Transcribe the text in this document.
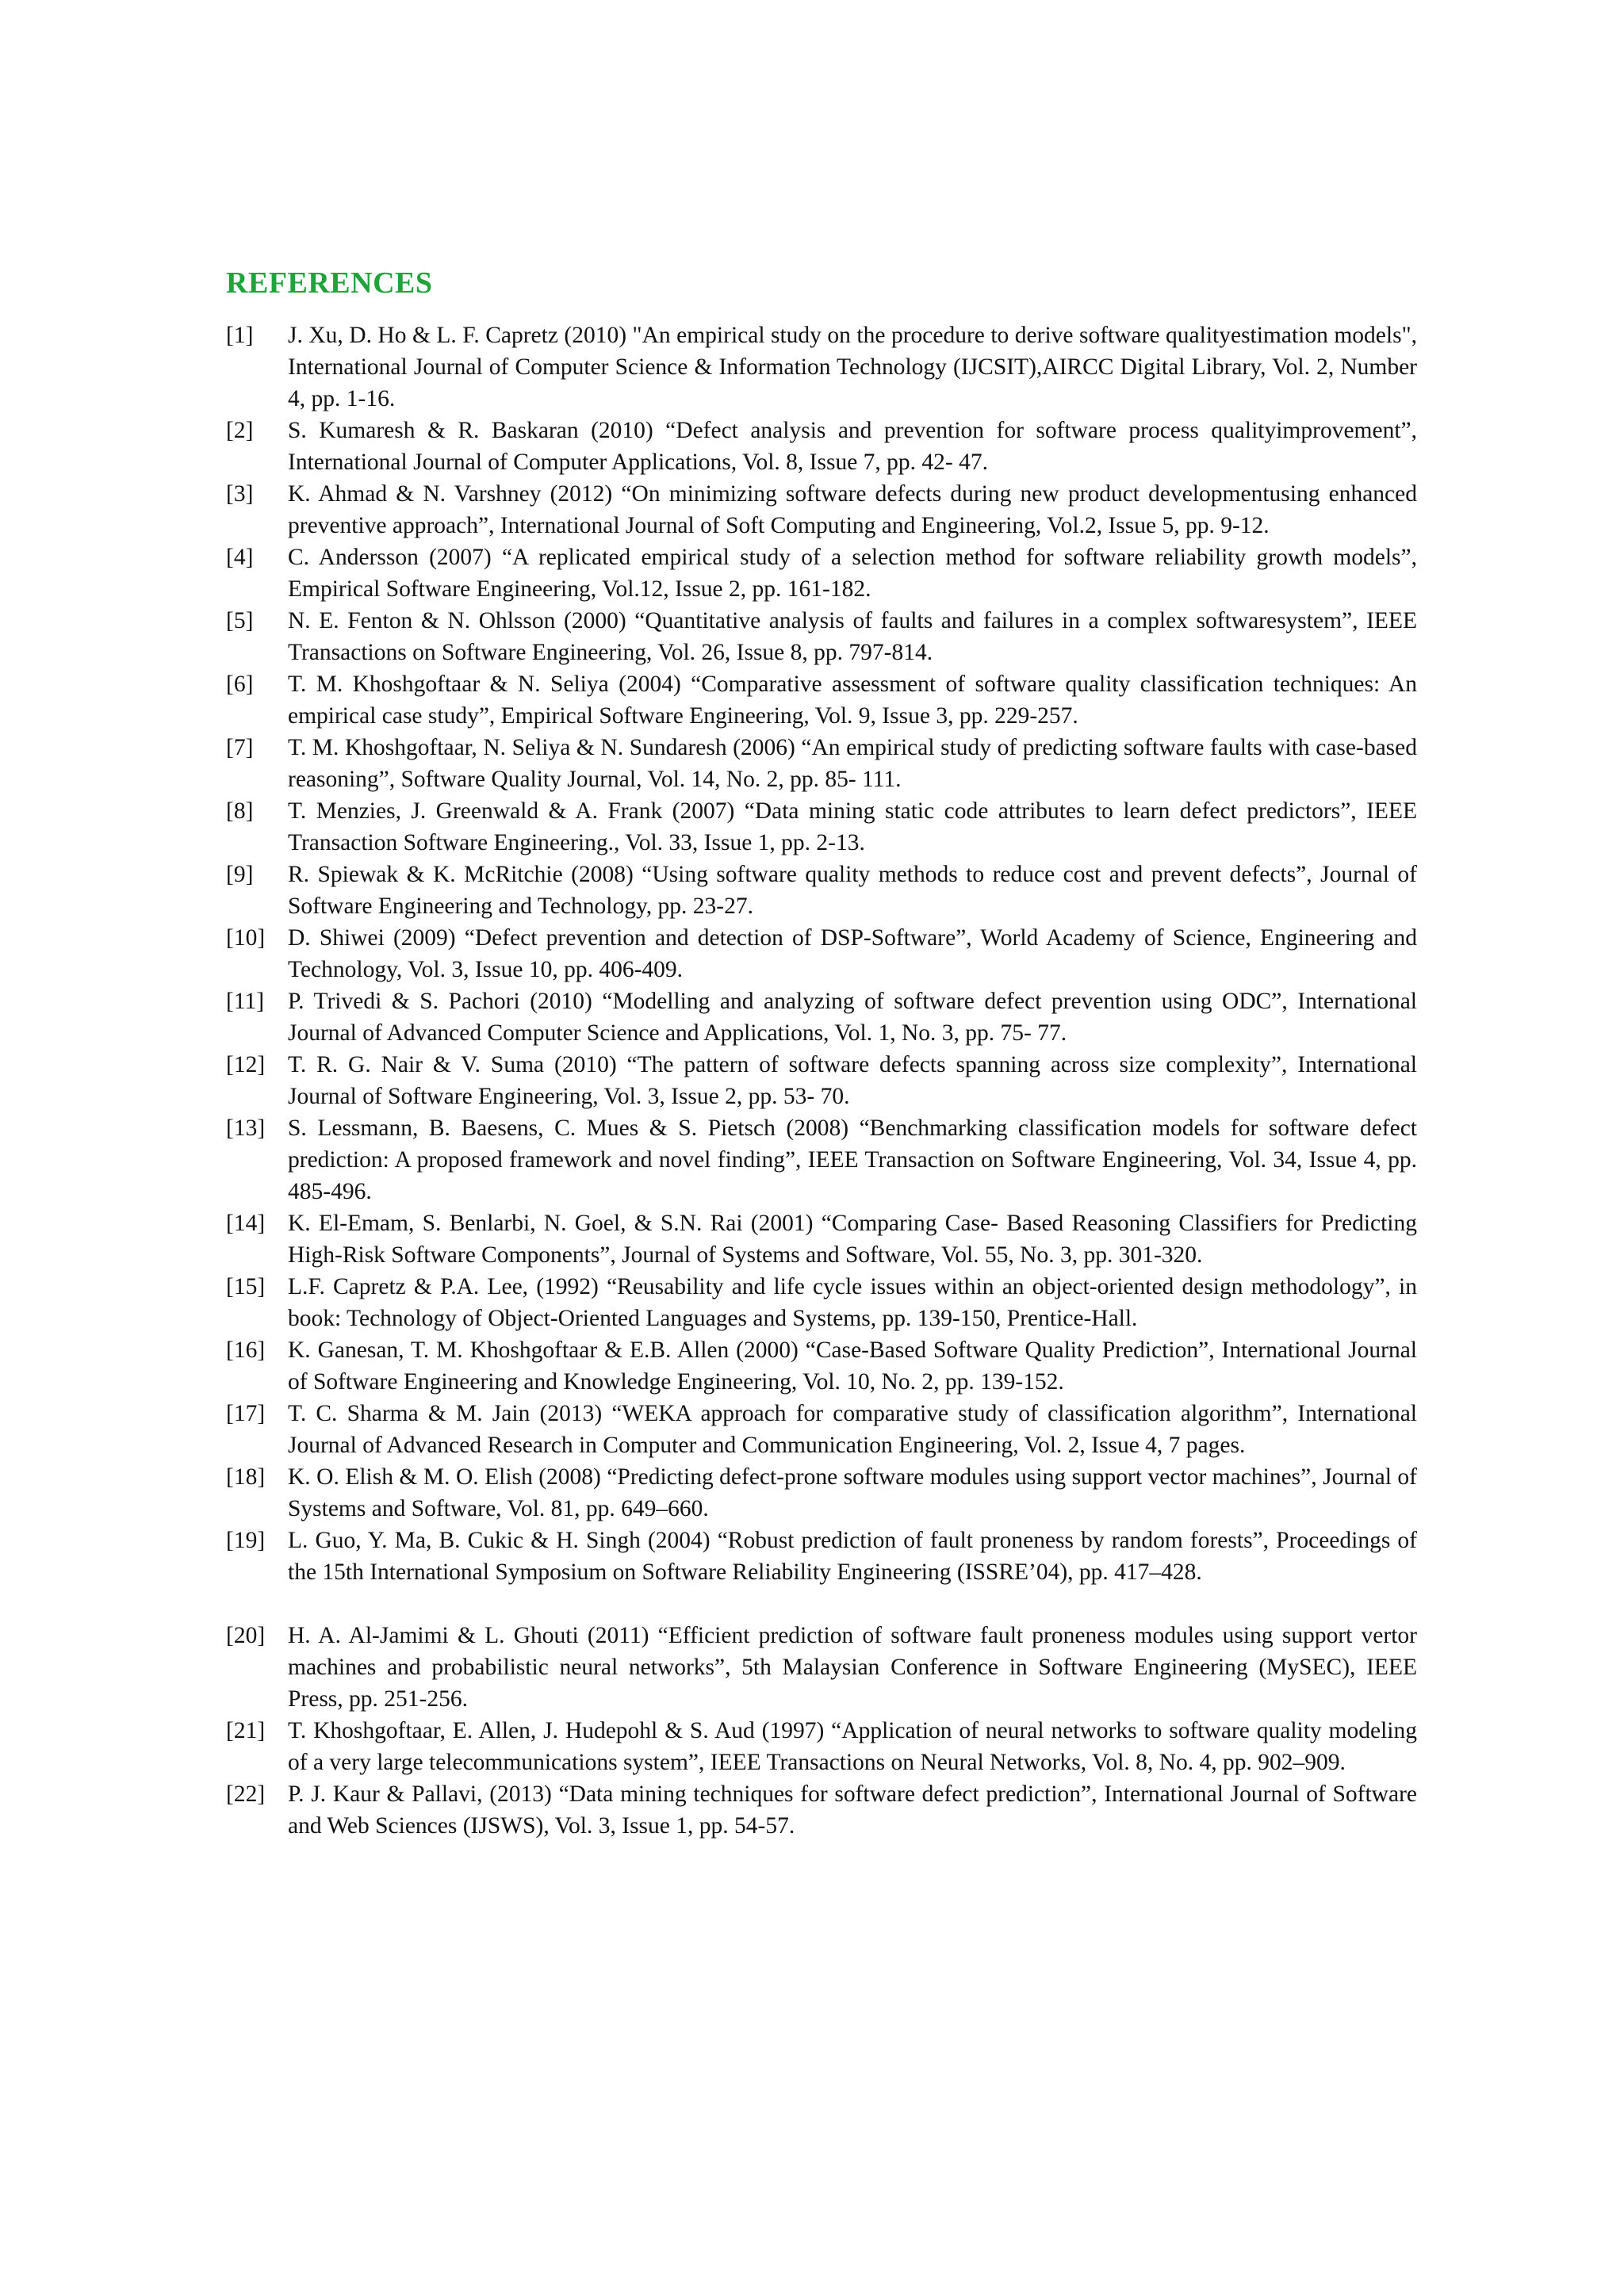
REFERENCES
[1] J. Xu, D. Ho & L. F. Capretz (2010) "An empirical study on the procedure to derive software qualityestimation models", International Journal of Computer Science & Information Technology (IJCSIT),AIRCC Digital Library, Vol. 2, Number 4, pp. 1-16.
[2] S. Kumaresh & R. Baskaran (2010) “Defect analysis and prevention for software process qualityimprovement”, International Journal of Computer Applications, Vol. 8, Issue 7, pp. 42- 47.
[3] K. Ahmad & N. Varshney (2012) “On minimizing software defects during new product developmentusing enhanced preventive approach”, International Journal of Soft Computing and Engineering, Vol.2, Issue 5, pp. 9-12.
[4] C. Andersson (2007) “A replicated empirical study of a selection method for software reliability growth models”, Empirical Software Engineering, Vol.12, Issue 2, pp. 161-182.
[5] N. E. Fenton & N. Ohlsson (2000) “Quantitative analysis of faults and failures in a complex softwaresystem”, IEEE Transactions on Software Engineering, Vol. 26, Issue 8, pp. 797-814.
[6] T. M. Khoshgoftaar & N. Seliya (2004) “Comparative assessment of software quality classification techniques: An empirical case study”, Empirical Software Engineering, Vol. 9, Issue 3, pp. 229-257.
[7] T. M. Khoshgoftaar, N. Seliya & N. Sundaresh (2006) “An empirical study of predicting software faults with case-based reasoning”, Software Quality Journal, Vol. 14, No. 2, pp. 85- 111.
[8] T. Menzies, J. Greenwald & A. Frank (2007) “Data mining static code attributes to learn defect predictors”, IEEE Transaction Software Engineering., Vol. 33, Issue 1, pp. 2-13.
[9] R. Spiewak & K. McRitchie (2008) “Using software quality methods to reduce cost and prevent defects”, Journal of Software Engineering and Technology, pp. 23-27.
[10] D. Shiwei (2009) “Defect prevention and detection of DSP-Software”, World Academy of Science, Engineering and Technology, Vol. 3, Issue 10, pp. 406-409.
[11] P. Trivedi & S. Pachori (2010) “Modelling and analyzing of software defect prevention using ODC”, International Journal of Advanced Computer Science and Applications, Vol. 1, No. 3, pp. 75- 77.
[12] T. R. G. Nair & V. Suma (2010) “The pattern of software defects spanning across size complexity”, International Journal of Software Engineering, Vol. 3, Issue 2, pp. 53- 70.
[13] S. Lessmann, B. Baesens, C. Mues & S. Pietsch (2008) “Benchmarking classification models for software defect prediction: A proposed framework and novel finding”, IEEE Transaction on Software Engineering, Vol. 34, Issue 4, pp. 485-496.
[14] K. El-Emam, S. Benlarbi, N. Goel, & S.N. Rai (2001) “Comparing Case- Based Reasoning Classifiers for Predicting High-Risk Software Components”, Journal of Systems and Software, Vol. 55, No. 3, pp. 301-320.
[15] L.F. Capretz & P.A. Lee, (1992) “Reusability and life cycle issues within an object-oriented design methodology”, in book: Technology of Object-Oriented Languages and Systems, pp. 139-150, Prentice-Hall.
[16] K. Ganesan, T. M. Khoshgoftaar & E.B. Allen (2000) “Case-Based Software Quality Prediction”, International Journal of Software Engineering and Knowledge Engineering, Vol. 10, No. 2, pp. 139-152.
[17] T. C. Sharma & M. Jain (2013) “WEKA approach for comparative study of classification algorithm”, International Journal of Advanced Research in Computer and Communication Engineering, Vol. 2, Issue 4, 7 pages.
[18] K. O. Elish & M. O. Elish (2008) “Predicting defect-prone software modules using support vector machines”, Journal of Systems and Software, Vol. 81, pp. 649–660.
[19] L. Guo, Y. Ma, B. Cukic & H. Singh (2004) “Robust prediction of fault proneness by random forests”, Proceedings of the 15th International Symposium on Software Reliability Engineering (ISSRE’04), pp. 417–428.
[20] H. A. Al-Jamimi & L. Ghouti (2011) “Efficient prediction of software fault proneness modules using support vertor machines and probabilistic neural networks”, 5th Malaysian Conference in Software Engineering (MySEC), IEEE Press, pp. 251-256.
[21] T. Khoshgoftaar, E. Allen, J. Hudepohl & S. Aud (1997) “Application of neural networks to software quality modeling of a very large telecommunications system”, IEEE Transactions on Neural Networks, Vol. 8, No. 4, pp. 902–909.
[22] P. J. Kaur & Pallavi, (2013) “Data mining techniques for software defect prediction”, International Journal of Software and Web Sciences (IJSWS), Vol. 3, Issue 1, pp. 54-57.
